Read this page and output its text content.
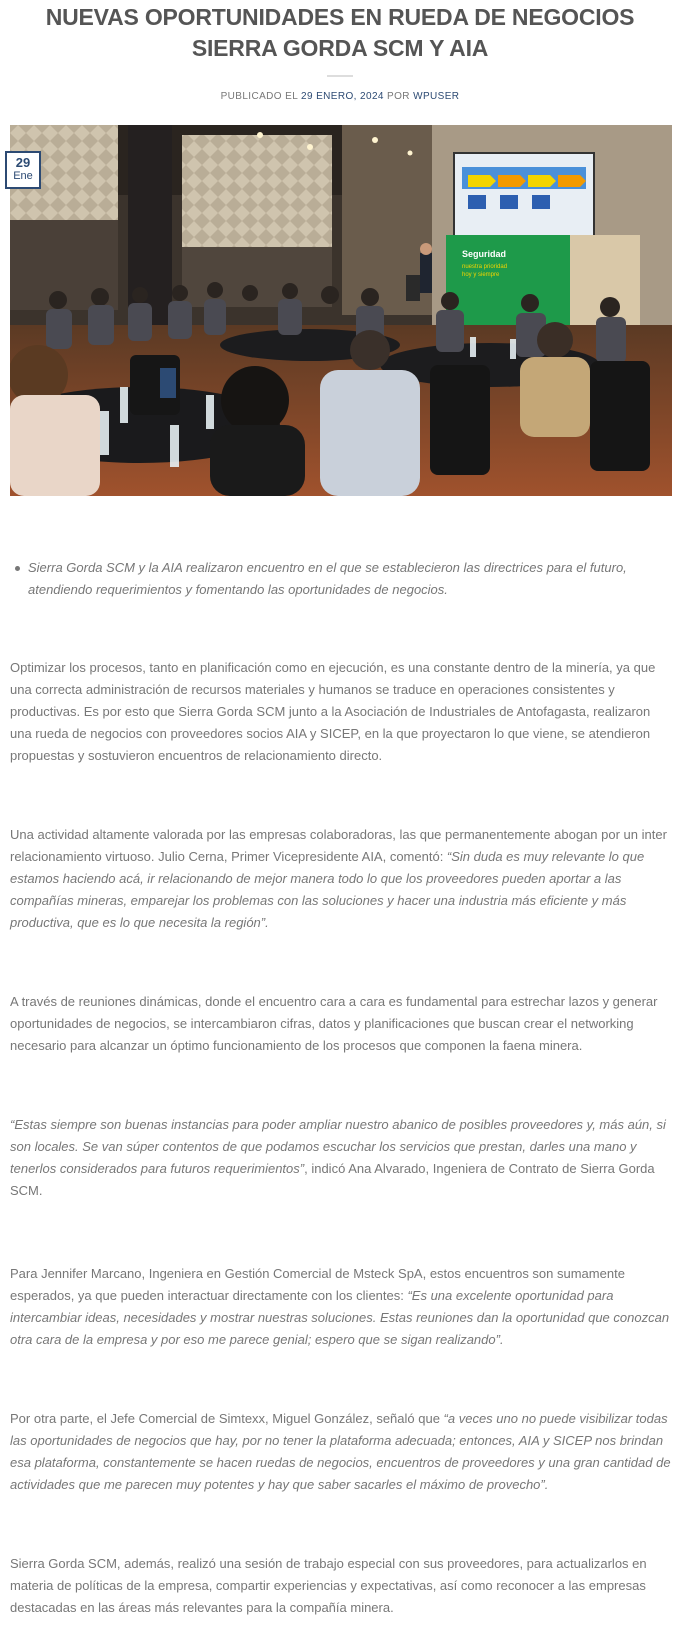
NUEVAS OPORTUNIDADES EN RUEDA DE NEGOCIOS SIERRA GORDA SCM Y AIA
PUBLICADO EL 29 ENERO, 2024 POR WPUSER
Seguridad
nuestra prioridad
hoy y siempre
29
Ene
Sierra Gorda SCM y la AIA realizaron encuentro en el que se establecieron las directrices para el futuro, atendiendo requerimientos y fomentando las oportunidades de negocios.

Optimizar los procesos, tanto en planificación como en ejecución, es una constante dentro de la minería, ya que una correcta administración de recursos materiales y humanos se traduce en operaciones consistentes y productivas. Es por esto que Sierra Gorda SCM junto a la Asociación de Industriales de Antofagasta, realizaron una rueda de negocios con proveedores socios AIA y SICEP, en la que proyectaron lo que viene, se atendieron propuestas y sostuvieron encuentros de relacionamiento directo.

Una actividad altamente valorada por las empresas colaboradoras, las que permanentemente abogan por un inter relacionamiento virtuoso. Julio Cerna, Primer Vicepresidente AIA, comentó: “Sin duda es muy relevante lo que estamos haciendo acá, ir relacionando de mejor manera todo lo que los proveedores pueden aportar a las compañías mineras, emparejar los problemas con las soluciones y hacer una industria más eficiente y más productiva, que es lo que necesita la región”.

A través de reuniones dinámicas, donde el encuentro cara a cara es fundamental para estrechar lazos y generar oportunidades de negocios, se intercambiaron cifras, datos y planificaciones que buscan crear el networking necesario para alcanzar un óptimo funcionamiento de los procesos que componen la faena minera.

“Estas siempre son buenas instancias para poder ampliar nuestro abanico de posibles proveedores y, más aún, si son locales. Se van súper contentos de que podamos escuchar los servicios que prestan, darles una mano y tenerlos considerados para futuros requerimientos”, indicó Ana Alvarado, Ingeniera de Contrato de Sierra Gorda SCM.

Para Jennifer Marcano, Ingeniera en Gestión Comercial de Msteck SpA, estos encuentros son sumamente esperados, ya que pueden interactuar directamente con los clientes: “Es una excelente oportunidad para intercambiar ideas, necesidades y mostrar nuestras soluciones. Estas reuniones dan la oportunidad que conozcan otra cara de la empresa y por eso me parece genial; espero que se sigan realizando”.

Por otra parte, el Jefe Comercial de Simtexx, Miguel González, señaló que “a veces uno no puede visibilizar todas las oportunidades de negocios que hay, por no tener la plataforma adecuada; entonces, AIA y SICEP nos brindan esa plataforma, constantemente se hacen ruedas de negocios, encuentros de proveedores y una gran cantidad de actividades que me parecen muy potentes y hay que saber sacarles el máximo de provecho”.

Sierra Gorda SCM, además, realizó una sesión de trabajo especial con sus proveedores, para actualizarlos en materia de políticas de la empresa, compartir experiencias y expectativas, así como reconocer a las empresas destacadas en las áreas más relevantes para la compañía minera.
